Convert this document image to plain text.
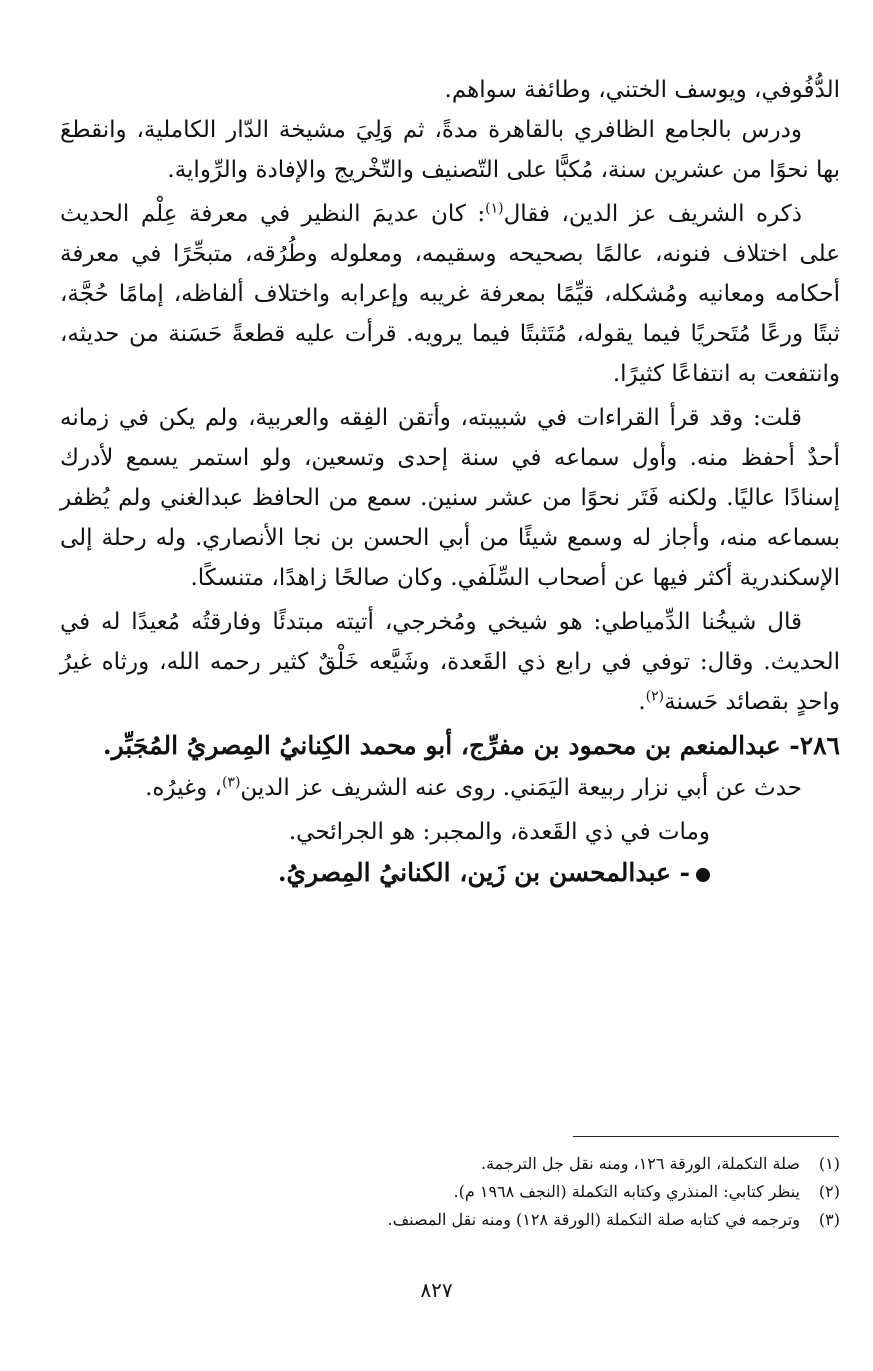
الدُّفُوفي، ويوسف الختني، وطائفة سواهم.

ودرس بالجامع الظافري بالقاهرة مدةً، ثم وَلِيَ مشيخة الدّار الكاملية، وانقطعَ بها نحوًا من عشرين سنة، مُكبًّا على التّصنيف والتّخْريج والإفادة والرِّواية.

ذكره الشريف عز الدين، فقال$^{(١)}$: كان عديمَ النظير في معرفة عِلْم الحديث على اختلاف فنونه، عالمًا بصحيحه وسقيمه، ومعلوله وطُرُقه، متبحِّرًا في معرفة أحكامه ومعانيه ومُشكله، قيِّمًا بمعرفة غريبه وإعرابه واختلاف ألفاظه، إمامًا حُجَّة، ثبتًا ورعًا مُتَحريًا فيما يقوله، مُتَثبتًا فيما يرويه. قرأت عليه قطعةً حَسَنة من حديثه، وانتفعت به انتفاعًا كثيرًا.

قلت: وقد قرأ القراءات في شبيبته، وأتقن الفِقه والعربية، ولم يكن في زمانه أحدٌ أحفظ منه. وأول سماعه في سنة إحدى وتسعين، ولو استمر يسمع لأدرك إسنادًا عاليًا. ولكنه فَتَر نحوًا من عشر سنين. سمع من الحافظ عبدالغني ولم يُظفر بسماعه منه، وأجاز له وسمع شيئًا من أبي الحسن بن نجا الأنصاري. وله رحلة إلى الإسكندرية أكثر فيها عن أصحاب السِّلَفي. وكان صالحًا زاهدًا، متنسكًا.

قال شيخُنا الدِّمياطي: هو شيخي ومُخرجي، أتيته مبتدئًا وفارقتُه مُعيدًا له في الحديث. وقال: توفي في رابع ذي القَعدة، وشَيَّعه خَلْقٌ كثير رحمه الله، ورثاه غيرُ واحدٍ بقصائد حَسنة$^{(٢)}$.

٢٨٦- عبدالمنعم بن محمود بن مفرِّج، أبو محمد الكِنانيُ المِصريُ المُجَبِّر.

حدث عن أبي نزار ربيعة اليَمَني. روى عنه الشريف عز الدين$^{(٣)}$، وغيرُه.

ومات في ذي القَعدة، والمجبر: هو الجرائحي.

- عبدالمحسن بن زَين، الكنانيُ المِصريُ.

(١)صلة التكملة، الورقة ١٢٦، ومنه نقل جل الترجمة.

(٢)ينظر كتابي: المنذري وكتابه التكملة (النجف ١٩٦٨ م).

(٣)وترجمه في كتابه صلة التكملة (الورقة ١٢٨) ومنه نقل المصنف.

٨٢٧
